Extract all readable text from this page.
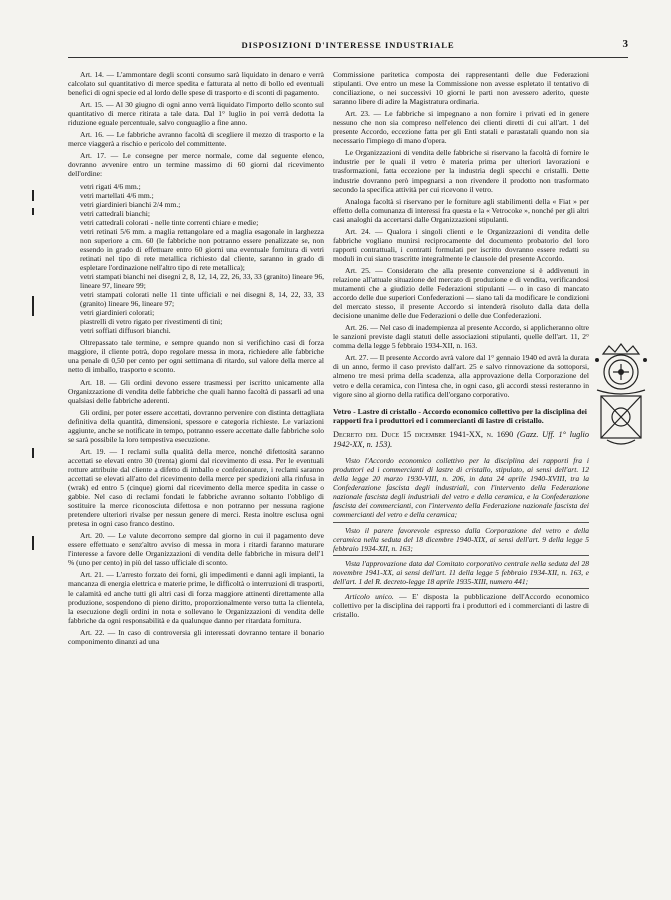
DISPOSIZIONI D'INTERESSE INDUSTRIALE	3

Art. 14. — L'ammontare degli sconti consumo sarà liquidato in denaro e verrà calcolato sul quantitativo di merce spedita e fatturata al netto di bollo ed eventuali benefici di ogni specie ed al lordo delle spese di trasporto e di sconti di pagamento.

Art. 15. — Al 30 giugno di ogni anno verrà liquidato l'importo dello sconto sul quantitativo di merce ritirata a tale data. Dal 1° luglio in poi verrà dedotta la riduzione eguale percentuale, salvo conguaglio a fine anno.

Art. 16. — Le fabbriche avranno facoltà di scegliere il mezzo di trasporto e la merce viaggerà a rischio e pericolo del committente.

Art. 17. — Le consegne per merce normale, come dal seguente elenco, dovranno avvenire entro un termine massimo di 60 giorni dal ricevimento dell'ordine:

vetri rigati 4/6 mm.;

vetri martellati 4/6 mm.;

vetri giardinieri bianchi 2/4 mm.;

vetri cattedrali bianchi;

vetri cattedrali colorati - nelle tinte correnti chiare e medie;

vetri retinati 5/6 mm. a maglia rettangolare ed a maglia esagonale in larghezza non superiore a cm. 60 (le fabbriche non potranno essere penalizzate se, non essendo in grado di effettuare entro 60 giorni una eventuale fornitura di vetri retinati nel tipo di rete metallica richiesto dal cliente, saranno in grado di espletare l'ordinazione nell'altro tipo di rete metallica);

vetri stampati bianchi nei disegni 2, 8, 12, 14, 22, 26, 33, 33 (granito) lineare 96, lineare 97, lineare 99;

vetri stampati colorati nelle 11 tinte ufficiali e nei disegni 8, 14, 22, 33, 33 (granito) lineare 96, lineare 97;

vetri giardinieri colorati;

piastrelli di vetro rigato per rivestimenti di tini;

vetri soffiati diffusori bianchi.

Oltrepassato tale termine, e sempre quando non si verifichino casi di forza maggiore, il cliente potrà, dopo regolare messa in mora, richiedere alle fabbriche una penale di 0,50 per cento per ogni settimana di ritardo, sul valore della merce al netto di imballo, trasporto e sconto.

Art. 18. — Gli ordini devono essere trasmessi per iscritto unicamente alla Organizzazione di vendita delle fabbriche che quali hanno facoltà di passarli ad una qualsiasi delle fabbriche aderenti.

Gli ordini, per poter essere accettati, dovranno pervenire con distinta dettagliata definitiva della quantità, dimensioni, spessore e categoria richieste. Le variazioni aggiunte, anche se notificate in tempo, potranno essere accettate dalle fabbriche solo se sarà possibile la loro tempestiva esecuzione.

Art. 19. — I reclami sulla qualità della merce, nonché difettosità saranno accettati se elevati entro 30 (trenta) giorni dal ricevimento di essa. Per le eventuali rotture attribuite dal cliente a difetto di imballo e confezionature, i reclami saranno accettati se elevati all'atto del ricevimento della merce per spedizioni alla rinfusa in (wrak) ed entro 5 (cinque) giorni dal ricevimento della merce spedita in casse o gabbie. Nel caso di reclami fondati le fabbriche avranno soltanto l'obbligo di sostituire la merce riconosciuta difettosa e non potranno per nessuna ragione pretendere ulteriori rivalse per nessun genere di merci. Resta inoltre esclusa ogni pretesa in ogni caso franco destino.

Art. 20. — Le valute decorrono sempre dal giorno in cui il pagamento deve essere effettuato e senz'altro avviso di messa in mora i ritardi faranno maturare l'interesse a favore delle Organizzazioni di vendita delle fabbriche in misura dell'1 % (uno per cento) in più del tasso ufficiale di sconto.

Art. 21. — L'arresto forzato dei forni, gli impedimenti e danni agli impianti, la mancanza di energia elettrica e materie prime, le difficoltà o interruzioni di trasporti, le calamità ed anche tutti gli altri casi di forza maggiore attinenti direttamente alla produzione, sospendono di pieno diritto, proporzionalmente verso tutta la clientela, la esecuzione degli ordini in nota e sollevano le Organizzazioni di vendita delle fabbriche da ogni responsabilità e da qualunque danno per ritardata fornitura.

Art. 22. — In caso di controversia gli interessati dovranno tentare il bonario componimento dinanzi ad una

Commissione paritetica composta dei rappresentanti delle due Federazioni stipulanti. Ove entro un mese la Commissione non avesse espletato il tentativo di conciliazione, o nei successivi 10 giorni le parti non avessero aderito, queste saranno libere di adire la Magistratura ordinaria.

Art. 23. — Le fabbriche si impegnano a non fornire i privati ed in genere nessuno che non sia compreso nell'elenco dei clienti diretti di cui all'art. 1 del presente Accordo, eccezione fatta per gli Enti statali e parastatali quando non sia necessario l'impiego di mano d'opera.

Le Organizzazioni di vendita delle fabbriche si riservano la facoltà di fornire le industrie per le quali il vetro è materia prima per ulteriori lavorazioni e trasformazioni, fatta eccezione per la industria degli specchi e cristalli. Dette industrie dovranno però impegnarsi a non rivendere il prodotto non trasformato secondo la specifica attività per cui ricevono il vetro.

Analoga facoltà si riservano per le forniture agli stabilimenti della « Fiat » per effetto della comunanza di interessi fra questa e la « Vetrocoke », nonché per gli altri casi analoghi da accertarsi dalle Organizzazioni stipulanti.

Art. 24. — Qualora i singoli clienti e le Organizzazioni di vendita delle fabbriche vogliano munirsi reciprocamente del documento probatorio del loro rapporti contrattuali, i contratti formulati per iscritto dovranno essere redatti su moduli in cui siano trascritte integralmente le clausole del presente Accordo.

Art. 25. — Considerato che alla presente convenzione si è addivenuti in relazione all'attuale situazione del mercato di produzione e di vendita, verificandosi mutamenti che a giudizio delle Federazioni stipulanti — o in caso di mancato accordo delle due superiori Confederazioni — siano tali da modificare le condizioni del mercato stesso, il presente Accordo si intenderà risoluto dalla data della decisione unanime delle due Federazioni o delle due Confederazioni.

Art. 26. — Nel caso di inadempienza al presente Accordo, si applicheranno oltre le sanzioni previste dagli statuti delle associazioni stipulanti, quelle dell'art. 11, 2° comma della legge 5 febbraio 1934-XII, n. 163.

Art. 27. — Il presente Accordo avrà valore dal 1° gennaio 1940 ed avrà la durata di un anno, fermo il caso previsto dall'art. 25 e salvo rinnovazione da sottoporsi, almeno tre mesi prima della scadenza, alla approvazione della Corporazione del vetro e della ceramica, con l'intesa che, in ogni caso, gli accordi stessi resteranno in vigore sino al giorno della ratifica dell'organo corporativo.

Vetro - Lastre di cristallo - Accordo economico collettivo per la disciplina dei rapporti fra i produttori ed i commercianti di lastre di cristallo.

Decreto del Duce 15 dicembre 1941-XX, n. 1690 (Gazz. Uff. 1° luglio 1942-XX, n. 153).

Visto l'Accordo economico collettivo per la disciplina dei rapporti fra i produttori ed i commercianti di lastre di cristallo, stipulato, ai sensi dell'art. 12 della legge 20 marzo 1930-VIII, n. 206, in data 24 aprile 1940-XVIII, tra la Confederazione fascista degli industriali, con l'intervento della Federazione nazionale fascista degli industriali del vetro e della ceramica, e la Confederazione fascista dei commercianti, con l'intervento della Federazione nazionale fascista dei commercianti del vetro e della ceramica;

Visto il parere favorevole espresso dalla Corporazione del vetro e della ceramica nella seduta del 18 dicembre 1940-XIX, ai sensi dell'art. 9 della legge 5 febbraio 1934-XII, n. 163;

Vista l'approvazione data dal Comitato corporativo centrale nella seduta del 28 novembre 1941-XX, ai sensi dell'art. 11 della legge 5 febbraio 1934-XII, n. 163, e dell'art. 1 del R. decreto-legge 18 aprile 1935-XIII, numero 441;

Articolo unico. — E' disposta la pubblicazione dell'Accordo economico collettivo per la disciplina dei rapporti fra i produttori ed i commercianti di lastre di cristallo.
